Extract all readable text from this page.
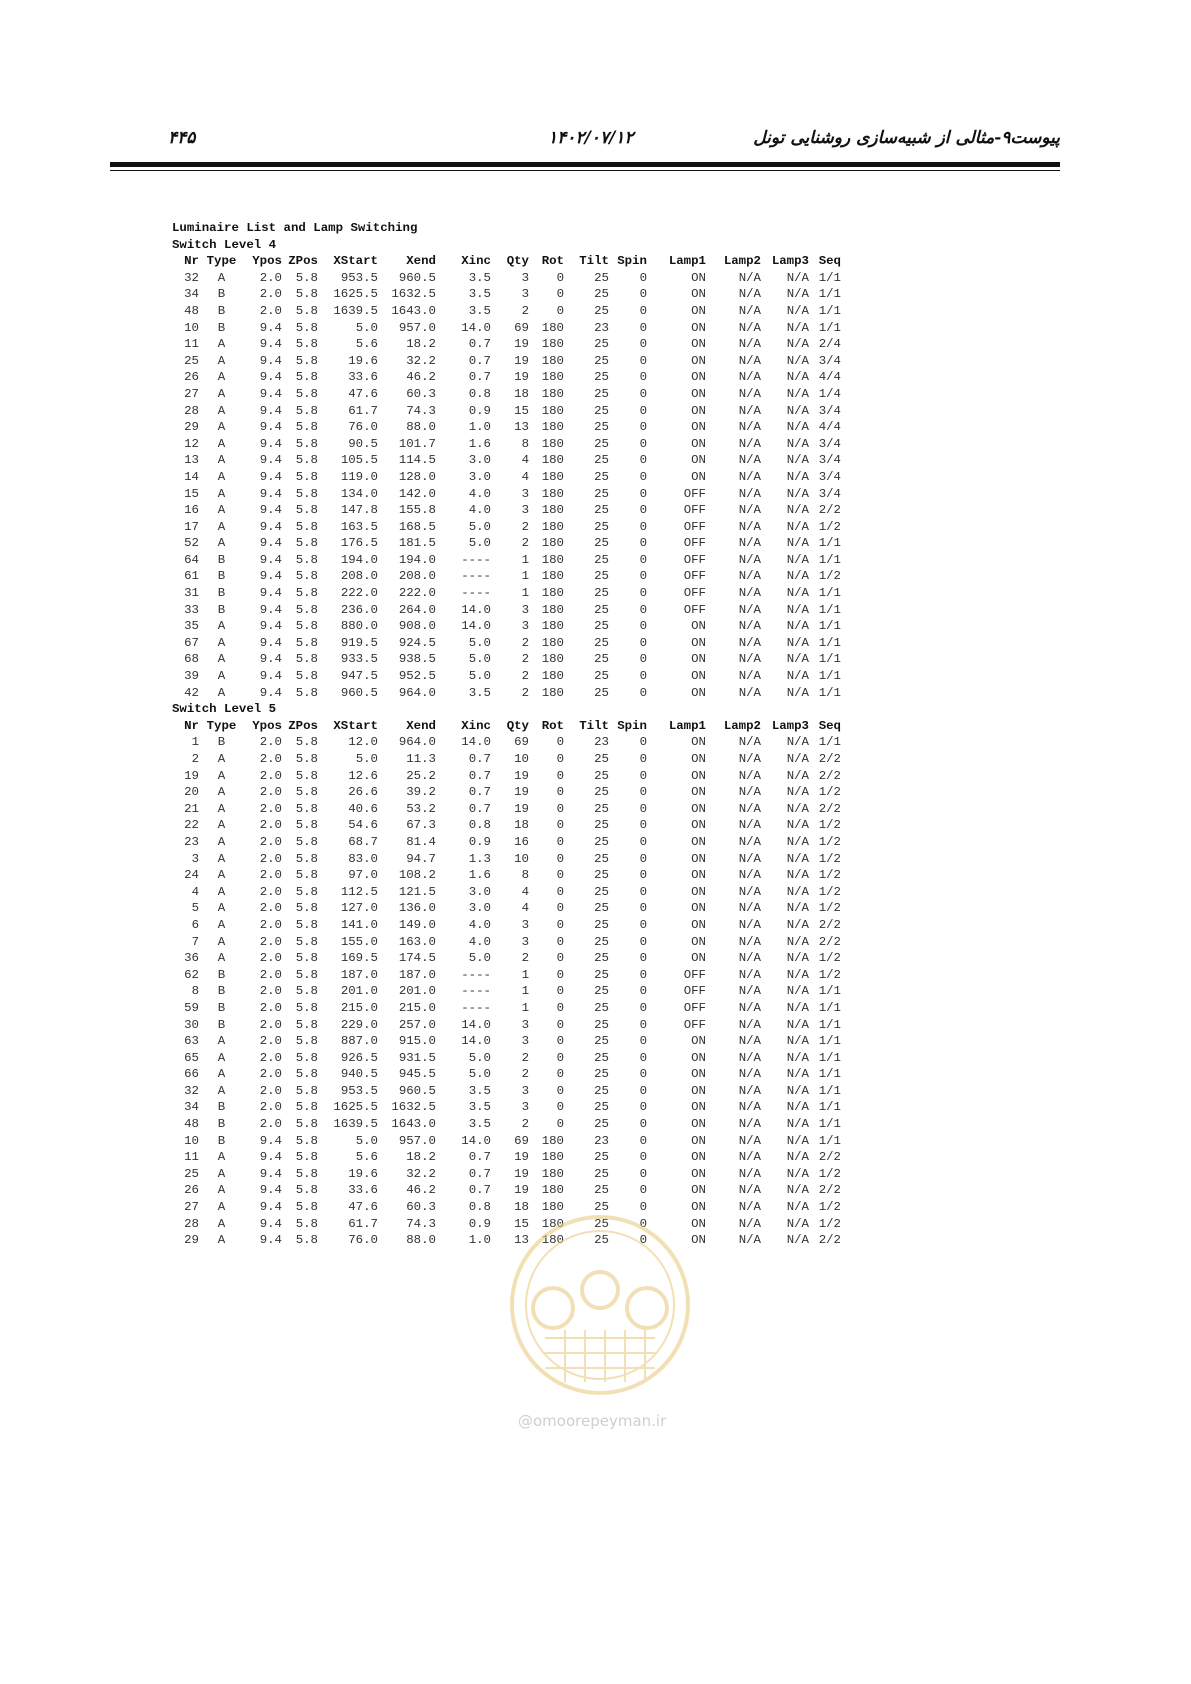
۴۴۵	۱۴۰۲/۰۷/۱۲	پیوست۹-مثالی از شبیه‌سازی روشنایی تونل
Luminaire List and Lamp Switching
Switch Level 4
Nr Type	Ypos ZPos	XStart	Xend	Xinc	Qty	Rot	Tilt Spin	Lamp1	Lamp2 Lamp3 Seq
32	A	2.0	5.8	953.5	960.5	3.5	3	0	25	0	ON	N/A	N/A 1/1
34	B	2.0	5.8	1625.5	1632.5	3.5	3	0	25	0	ON	N/A	N/A 1/1
48	B	2.0	5.8	1639.5	1643.0	3.5	2	0	25	0	ON	N/A	N/A 1/1
10	B	9.4	5.8	5.0	957.0	14.0	69	180	23	0	ON	N/A	N/A 1/1
11	A	9.4	5.8	5.6	18.2	0.7	19	180	25	0	ON	N/A	N/A 2/4
25	A	9.4	5.8	19.6	32.2	0.7	19	180	25	0	ON	N/A	N/A 3/4
26	A	9.4	5.8	33.6	46.2	0.7	19	180	25	0	ON	N/A	N/A 4/4
27	A	9.4	5.8	47.6	60.3	0.8	18	180	25	0	ON	N/A	N/A 1/4
28	A	9.4	5.8	61.7	74.3	0.9	15	180	25	0	ON	N/A	N/A 3/4
29	A	9.4	5.8	76.0	88.0	1.0	13	180	25	0	ON	N/A	N/A 4/4
12	A	9.4	5.8	90.5	101.7	1.6	8	180	25	0	ON	N/A	N/A 3/4
13	A	9.4	5.8	105.5	114.5	3.0	4	180	25	0	ON	N/A	N/A 3/4
14	A	9.4	5.8	119.0	128.0	3.0	4	180	25	0	ON	N/A	N/A 3/4
15	A	9.4	5.8	134.0	142.0	4.0	3	180	25	0	OFF	N/A	N/A 3/4
16	A	9.4	5.8	147.8	155.8	4.0	3	180	25	0	OFF	N/A	N/A 2/2
17	A	9.4	5.8	163.5	168.5	5.0	2	180	25	0	OFF	N/A	N/A 1/2
52	A	9.4	5.8	176.5	181.5	5.0	2	180	25	0	OFF	N/A	N/A 1/1
64	B	9.4	5.8	194.0	194.0	----	1	180	25	0	OFF	N/A	N/A 1/1
61	B	9.4	5.8	208.0	208.0	----	1	180	25	0	OFF	N/A	N/A 1/2
31	B	9.4	5.8	222.0	222.0	----	1	180	25	0	OFF	N/A	N/A 1/1
33	B	9.4	5.8	236.0	264.0	14.0	3	180	25	0	OFF	N/A	N/A 1/1
35	A	9.4	5.8	880.0	908.0	14.0	3	180	25	0	ON	N/A	N/A 1/1
67	A	9.4	5.8	919.5	924.5	5.0	2	180	25	0	ON	N/A	N/A 1/1
68	A	9.4	5.8	933.5	938.5	5.0	2	180	25	0	ON	N/A	N/A 1/1
39	A	9.4	5.8	947.5	952.5	5.0	2	180	25	0	ON	N/A	N/A 1/1
42	A	9.4	5.8	960.5	964.0	3.5	2	180	25	0	ON	N/A	N/A 1/1
Switch Level 5
Nr Type	Ypos ZPos	XStart	Xend	Xinc	Qty	Rot	Tilt Spin	Lamp1	Lamp2 Lamp3 Seq
1	B	2.0	5.8	12.0	964.0	14.0	69	0	23	0	ON	N/A	N/A 1/1
2	A	2.0	5.8	5.0	11.3	0.7	10	0	25	0	ON	N/A	N/A 2/2
19	A	2.0	5.8	12.6	25.2	0.7	19	0	25	0	ON	N/A	N/A 2/2
20	A	2.0	5.8	26.6	39.2	0.7	19	0	25	0	ON	N/A	N/A 1/2
21	A	2.0	5.8	40.6	53.2	0.7	19	0	25	0	ON	N/A	N/A 2/2
22	A	2.0	5.8	54.6	67.3	0.8	18	0	25	0	ON	N/A	N/A 1/2
23	A	2.0	5.8	68.7	81.4	0.9	16	0	25	0	ON	N/A	N/A 1/2
3	A	2.0	5.8	83.0	94.7	1.3	10	0	25	0	ON	N/A	N/A 1/2
24	A	2.0	5.8	97.0	108.2	1.6	8	0	25	0	ON	N/A	N/A 1/2
4	A	2.0	5.8	112.5	121.5	3.0	4	0	25	0	ON	N/A	N/A 1/2
5	A	2.0	5.8	127.0	136.0	3.0	4	0	25	0	ON	N/A	N/A 1/2
6	A	2.0	5.8	141.0	149.0	4.0	3	0	25	0	ON	N/A	N/A 2/2
7	A	2.0	5.8	155.0	163.0	4.0	3	0	25	0	ON	N/A	N/A 2/2
36	A	2.0	5.8	169.5	174.5	5.0	2	0	25	0	ON	N/A	N/A 1/2
62	B	2.0	5.8	187.0	187.0	----	1	0	25	0	OFF	N/A	N/A 1/2
8	B	2.0	5.8	201.0	201.0	----	1	0	25	0	OFF	N/A	N/A 1/1
59	B	2.0	5.8	215.0	215.0	----	1	0	25	0	OFF	N/A	N/A 1/1
30	B	2.0	5.8	229.0	257.0	14.0	3	0	25	0	OFF	N/A	N/A 1/1
63	A	2.0	5.8	887.0	915.0	14.0	3	0	25	0	ON	N/A	N/A 1/1
65	A	2.0	5.8	926.5	931.5	5.0	2	0	25	0	ON	N/A	N/A 1/1
66	A	2.0	5.8	940.5	945.5	5.0	2	0	25	0	ON	N/A	N/A 1/1
32	A	2.0	5.8	953.5	960.5	3.5	3	0	25	0	ON	N/A	N/A 1/1
34	B	2.0	5.8	1625.5	1632.5	3.5	3	0	25	0	ON	N/A	N/A 1/1
48	B	2.0	5.8	1639.5	1643.0	3.5	2	0	25	0	ON	N/A	N/A 1/1
10	B	9.4	5.8	5.0	957.0	14.0	69	180	23	0	ON	N/A	N/A 1/1
11	A	9.4	5.8	5.6	18.2	0.7	19	180	25	0	ON	N/A	N/A 2/2
25	A	9.4	5.8	19.6	32.2	0.7	19	180	25	0	ON	N/A	N/A 1/2
26	A	9.4	5.8	33.6	46.2	0.7	19	180	25	0	ON	N/A	N/A 2/2
27	A	9.4	5.8	47.6	60.3	0.8	18	180	25	0	ON	N/A	N/A 1/2
28	A	9.4	5.8	61.7	74.3	0.9	15	180	25	0	ON	N/A	N/A 1/2
29	A	9.4	5.8	76.0	88.0	1.0	13	180	25	0	ON	N/A	N/A 2/2
@omoorepeyman.ir
